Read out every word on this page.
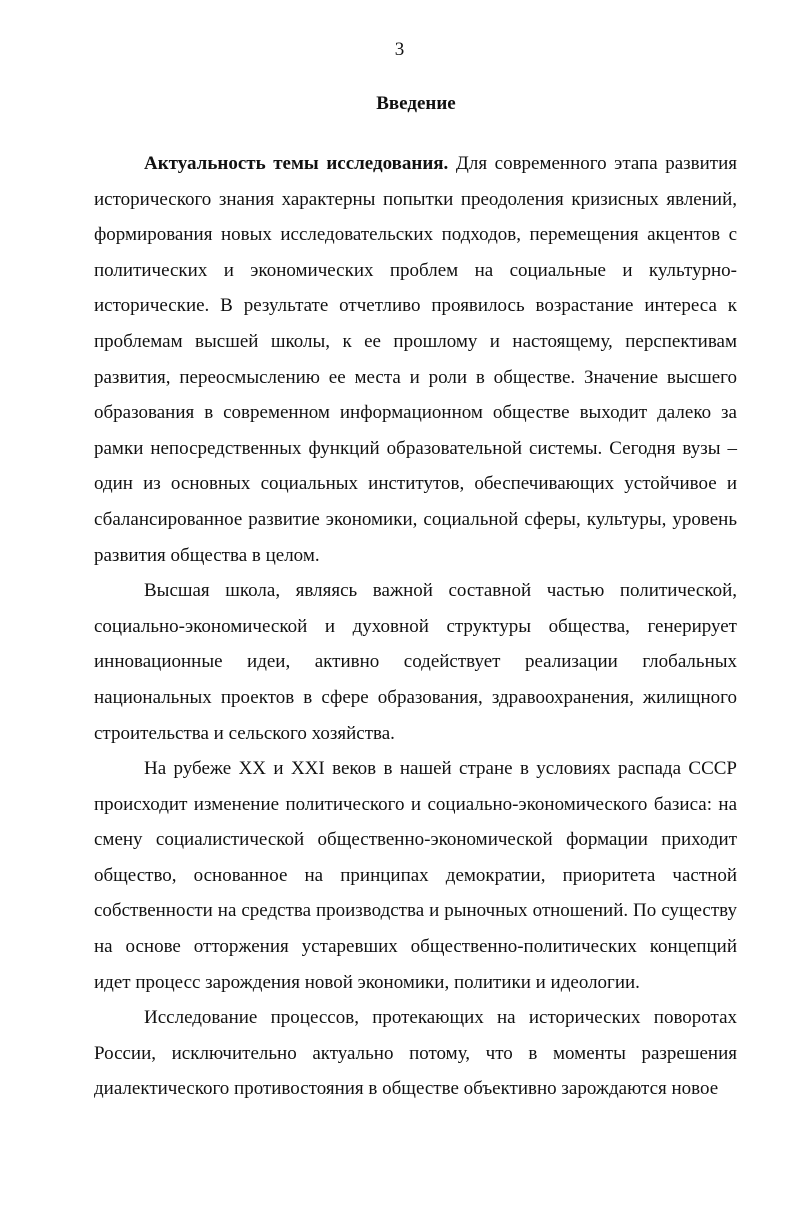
3
Введение

Актуальность темы исследования. Для современного этапа развития исторического знания характерны попытки преодоления кризисных явлений, формирования новых исследовательских подходов, перемещения акцентов с политических и экономических проблем на социальные и культурно-исторические. В результате отчетливо проявилось возрастание интереса к проблемам высшей школы, к ее прошлому и настоящему, перспективам развития, переосмыслению ее места и роли в обществе. Значение высшего образования в современном информационном обществе выходит далеко за рамки непосредственных функций образовательной системы. Сегодня вузы – один из основных социальных институтов, обеспечивающих устойчивое и сбалансированное развитие экономики, социальной сферы, культуры, уровень развития общества в целом.

Высшая школа, являясь важной составной частью политической, социально-экономической и духовной структуры общества, генерирует инновационные идеи, активно содействует реализации глобальных национальных проектов в сфере образования, здравоохранения, жилищного строительства и сельского хозяйства.

На рубеже XX и XXI веков в нашей стране в условиях распада СССР происходит изменение политического и социально-экономического базиса: на смену социалистической общественно-экономической формации приходит общество, основанное на принципах демократии, приоритета частной собственности на средства производства и рыночных отношений. По существу на основе отторжения устаревших общественно-политических концепций идет процесс зарождения новой экономики, политики и идеологии.

Исследование процессов, протекающих на исторических поворотах России, исключительно актуально потому, что в моменты разрешения диалектического противостояния в обществе объективно зарождаются новое
